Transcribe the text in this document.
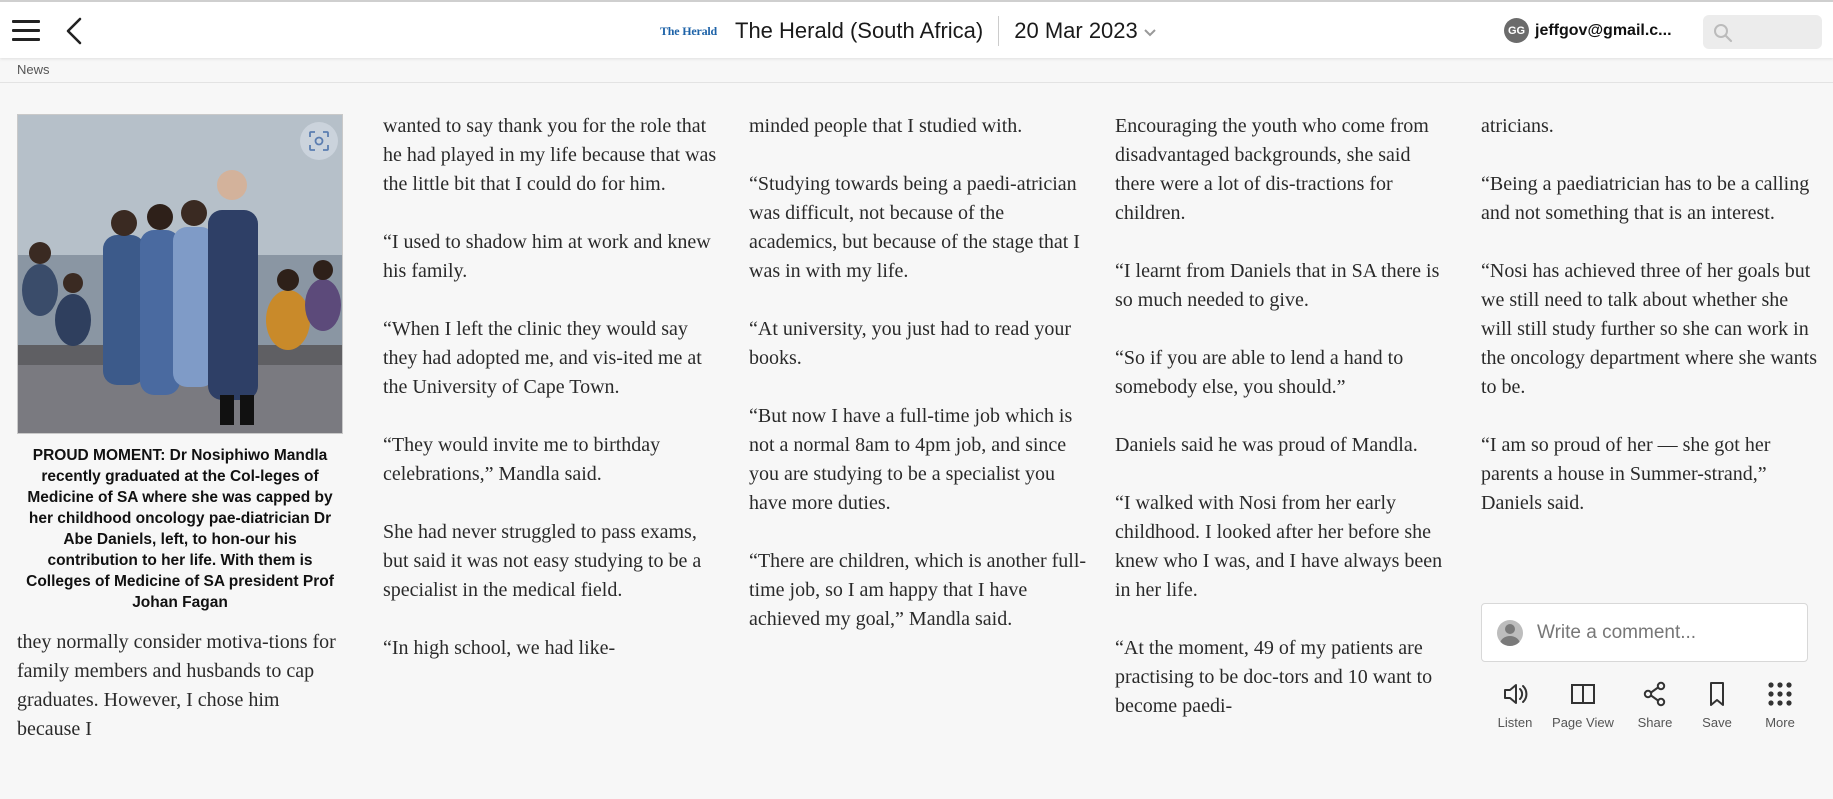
The Herald The Herald (South Africa) 20 Mar 2023	GG jeffgov@gmail.c...
News
PROUD MOMENT: Dr Nosiphiwo Mandla recently graduated at the Col-leges of Medicine of SA where she was capped by her childhood oncology pae-diatrician Dr Abe Daniels, left, to hon-our his contribution to her life. With them is Colleges of Medicine of SA president Prof Johan Fagan
they normally consider motiva-tions for family members and husbands to cap graduates. However, I chose him because I

wanted to say thank you for the role that he had played in my life because that was the little bit that I could do for him.

“I used to shadow him at work and knew his family.

“When I left the clinic they would say they had adopted me, and vis-ited me at the University of Cape Town.

“They would invite me to birthday celebrations,” Mandla said.

She had never struggled to pass exams, but said it was not easy studying to be a specialist in the medical field.

“In high school, we had like-

minded people that I studied with.

“Studying towards being a paedi-atrician was difficult, not because of the academics, but because of the stage that I was in with my life.

“At university, you just had to read your books.

“But now I have a full-time job which is not a normal 8am to 4pm job, and since you are studying to be a specialist you have more duties.

“There are children, which is another full-time job, so I am happy that I have achieved my goal,” Mandla said.

Encouraging the youth who come from disadvantaged backgrounds, she said there were a lot of dis-tractions for children.

“I learnt from Daniels that in SA there is so much needed to give.

“So if you are able to lend a hand to somebody else, you should.”

Daniels said he was proud of Mandla.

“I walked with Nosi from her early childhood. I looked after her before she knew who I was, and I have always been in her life.

“At the moment, 49 of my patients are practising to be doc-tors and 10 want to become paedi-

atricians.

“Being a paediatrician has to be a calling and not something that is an interest.

“Nosi has achieved three of her goals but we still need to talk about whether she will still study further so she can work in the oncology department where she wants to be.

“I am so proud of her — she got her parents a house in Summer-strand,” Daniels said.

Write a comment...
Listen	Page View	Share	Save	More
